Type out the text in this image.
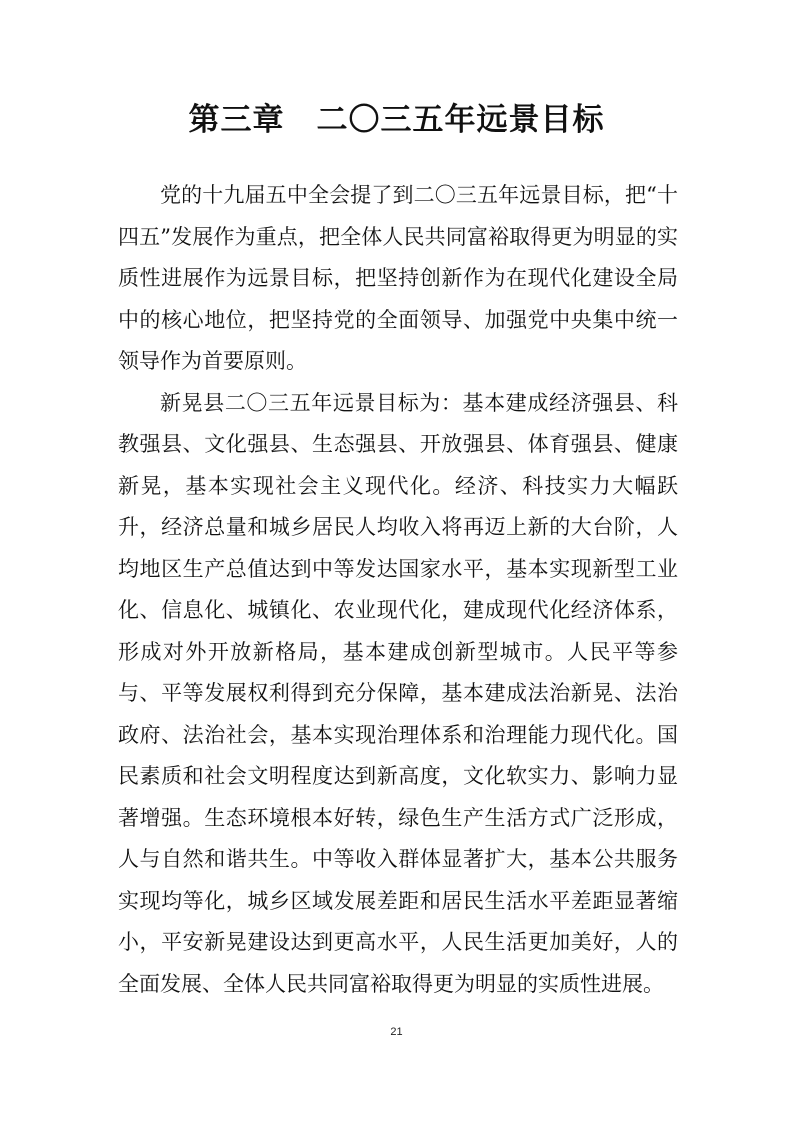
第三章　二〇三五年远景目标

党的十九届五中全会提了到二〇三五年远景目标，把“十四五”发展作为重点，把全体人民共同富裕取得更为明显的实质性进展作为远景目标，把坚持创新作为在现代化建设全局中的核心地位，把坚持党的全面领导、加强党中央集中统一领导作为首要原则。

新晃县二〇三五年远景目标为：基本建成经济强县、科教强县、文化强县、生态强县、开放强县、体育强县、健康新晃，基本实现社会主义现代化。经济、科技实力大幅跃升，经济总量和城乡居民人均收入将再迈上新的大台阶，人均地区生产总值达到中等发达国家水平，基本实现新型工业化、信息化、城镇化、农业现代化，建成现代化经济体系，形成对外开放新格局，基本建成创新型城市。人民平等参与、平等发展权利得到充分保障，基本建成法治新晃、法治政府、法治社会，基本实现治理体系和治理能力现代化。国民素质和社会文明程度达到新高度，文化软实力、影响力显著增强。生态环境根本好转，绿色生产生活方式广泛形成，人与自然和谐共生。中等收入群体显著扩大，基本公共服务实现均等化，城乡区域发展差距和居民生活水平差距显著缩小，平安新晃建设达到更高水平，人民生活更加美好，人的全面发展、全体人民共同富裕取得更为明显的实质性进展。

21
